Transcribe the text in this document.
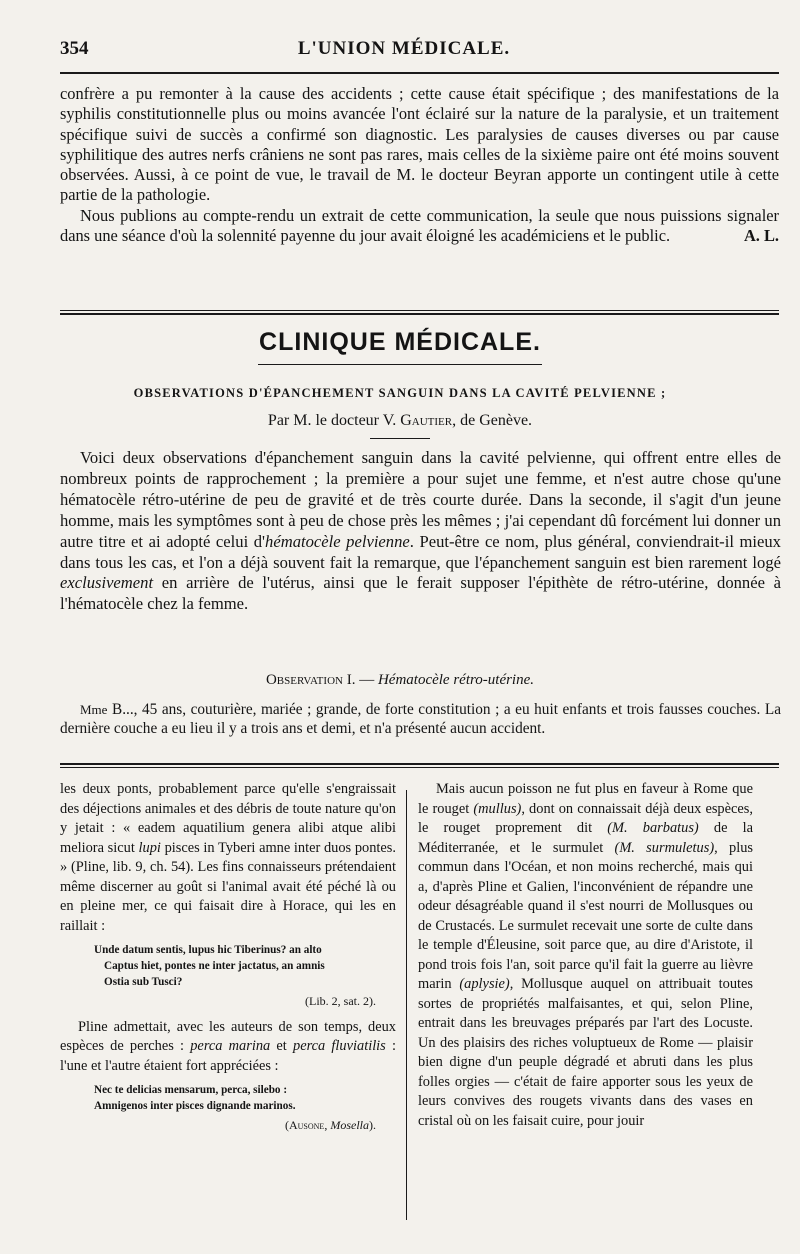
354	L'UNION MÉDICALE.

confrère a pu remonter à la cause des accidents ; cette cause était spécifique ; des manifestations de la syphilis constitutionnelle plus ou moins avancée l'ont éclairé sur la nature de la paralysie, et un traitement spécifique suivi de succès a confirmé son diagnostic. Les paralysies de causes diverses ou par cause syphilitique des autres nerfs crâniens ne sont pas rares, mais celles de la sixième paire ont été moins souvent observées. Aussi, à ce point de vue, le travail de M. le docteur Beyran apporte un contingent utile à cette partie de la pathologie.

Nous publions au compte-rendu un extrait de cette communication, la seule que nous puissions signaler dans une séance d'où la solennité payenne du jour avait éloigné les académiciens et le public.	A. L.

CLINIQUE MÉDICALE.
OBSERVATIONS D'ÉPANCHEMENT SANGUIN DANS LA CAVITÉ PELVIENNE ;
Par M. le docteur V. Gautier, de Genève.

Voici deux observations d'épanchement sanguin dans la cavité pelvienne, qui offrent entre elles de nombreux points de rapprochement ; la première a pour sujet une femme, et n'est autre chose qu'une hématocèle rétro-utérine de peu de gravité et de très courte durée. Dans la seconde, il s'agit d'un jeune homme, mais les symptômes sont à peu de chose près les mêmes ; j'ai cependant dû forcément lui donner un autre titre et ai adopté celui d'hématocèle pelvienne. Peut-être ce nom, plus général, conviendrait-il mieux dans tous les cas, et l'on a déjà souvent fait la remarque, que l'épanchement sanguin est bien rarement logé exclusivement en arrière de l'utérus, ainsi que le ferait supposer l'épithète de rétro-utérine, donnée à l'hématocèle chez la femme.

Observation I. — Hématocèle rétro-utérine.
Mme B..., 45 ans, couturière, mariée ; grande, de forte constitution ; a eu huit enfants et trois fausses couches. La dernière couche a eu lieu il y a trois ans et demi, et n'a présenté aucun accident.

les deux ponts, probablement parce qu'elle s'engraissait des déjections animales et des débris de toute nature qu'on y jetait : « eadem aquatilium genera alibi atque alibi meliora sicut lupi pisces in Tyberi amne inter duos pontes. » (Pline, lib. 9, ch. 54). Les fins connaisseurs prétendaient même discerner au goût si l'animal avait été péché là ou en pleine mer, ce qui faisait dire à Horace, qui les en raillait :

Unde datum sentis, lupus hic Tiberinus? an alto
Captus hiet, pontes ne inter jactatus, an amnis
Ostia sub Tusci?
(Lib. 2, sat. 2).

Pline admettait, avec les auteurs de son temps, deux espèces de perches : perca marina et perca fluviatilis : l'une et l'autre étaient fort appréciées :

Nec te delicias mensarum, perca, silebo :
Amnigenos inter pisces dignande marinos.
(Ausone, Mosella).

Mais aucun poisson ne fut plus en faveur à Rome que le rouget (mullus), dont on connaissait déjà deux espèces, le rouget proprement dit (M. barbatus) de la Méditerranée, et le surmulet (M. surmuletus), plus commun dans l'Océan, et non moins recherché, mais qui a, d'après Pline et Galien, l'inconvénient de répandre une odeur désagréable quand il s'est nourri de Mollusques ou de Crustacés. Le surmulet recevait une sorte de culte dans le temple d'Éleusine, soit parce que, au dire d'Aristote, il pond trois fois l'an, soit parce qu'il fait la guerre au lièvre marin (aplysie), Mollusque auquel on attribuait toutes sortes de propriétés malfaisantes, et qui, selon Pline, entrait dans les breuvages préparés par l'art des Locuste. Un des plaisirs des riches voluptueux de Rome — plaisir bien digne d'un peuple dégradé et abruti dans les plus folles orgies — c'était de faire apporter sous les yeux de leurs convives des rougets vivants dans des vases en cristal où on les faisait cuire, pour jouir
